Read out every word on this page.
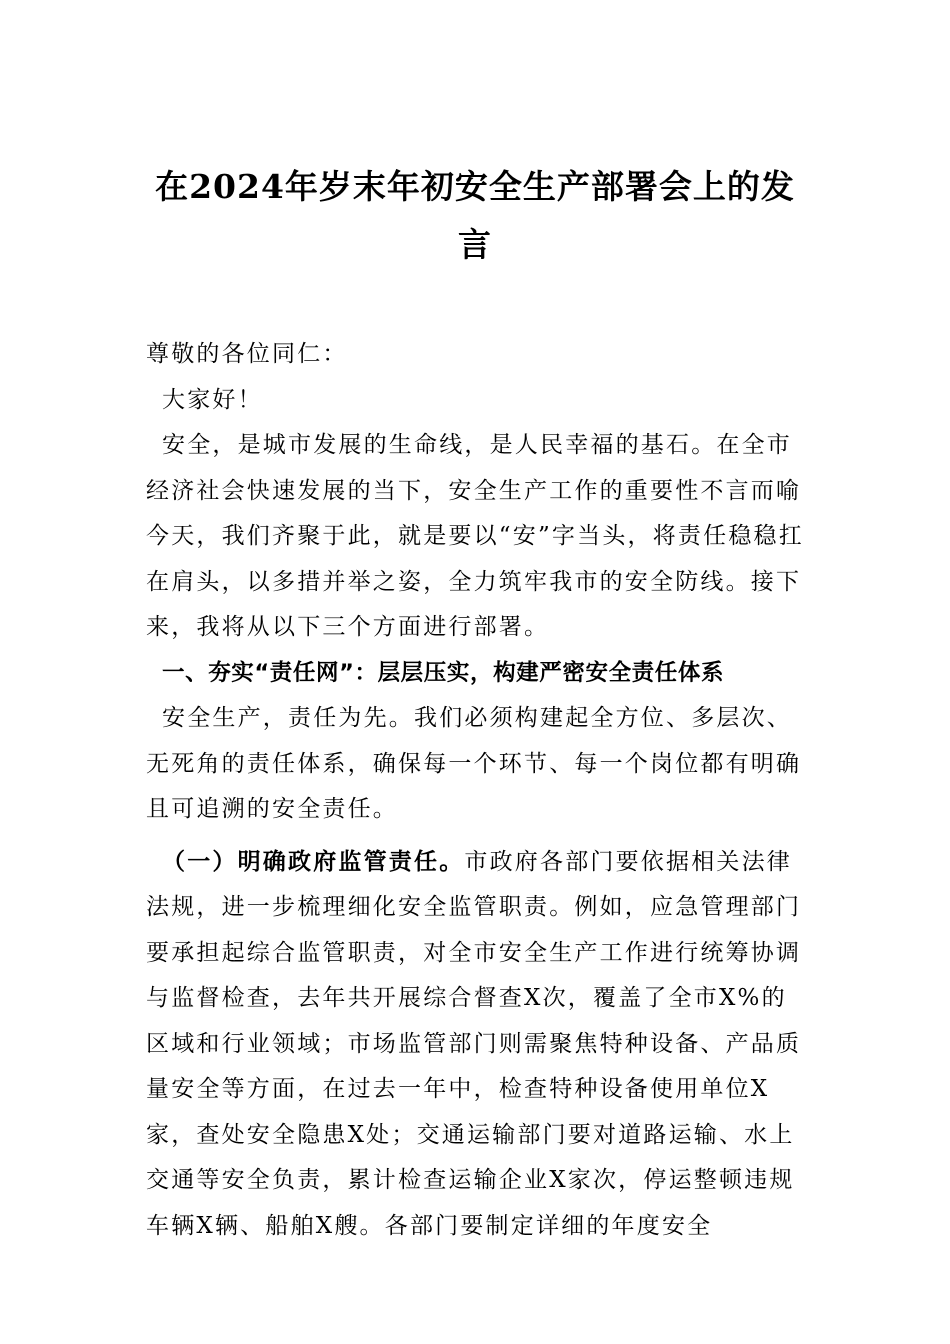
在2024年岁末年初安全生产部署会上的发言

尊敬的各位同仁：

大家好！

安全，是城市发展的生命线，是人民幸福的基石。在全市经济社会快速发展的当下，安全生产工作的重要性不言而喻今天，我们齐聚于此，就是要以“安”字当头，将责任稳稳扛在肩头，以多措并举之姿，全力筑牢我市的安全防线。接下来，我将从以下三个方面进行部署。

一、夯实“责任网”：层层压实，构建严密安全责任体系

安全生产，责任为先。我们必须构建起全方位、多层次、无死角的责任体系，确保每一个环节、每一个岗位都有明确且可追溯的安全责任。

（一）明确政府监管责任。市政府各部门要依据相关法律法规，进一步梳理细化安全监管职责。例如，应急管理部门要承担起综合监管职责，对全市安全生产工作进行统筹协调与监督检查，去年共开展综合督查X次，覆盖了全市X%的区域和行业领域；市场监管部门则需聚焦特种设备、产品质量安全等方面，在过去一年中，检查特种设备使用单位X家，查处安全隐患X处；交通运输部门要对道路运输、水上交通等安全负责，累计检查运输企业X家次，停运整顿违规车辆X辆、船舶X艘。各部门要制定详细的年度安全
